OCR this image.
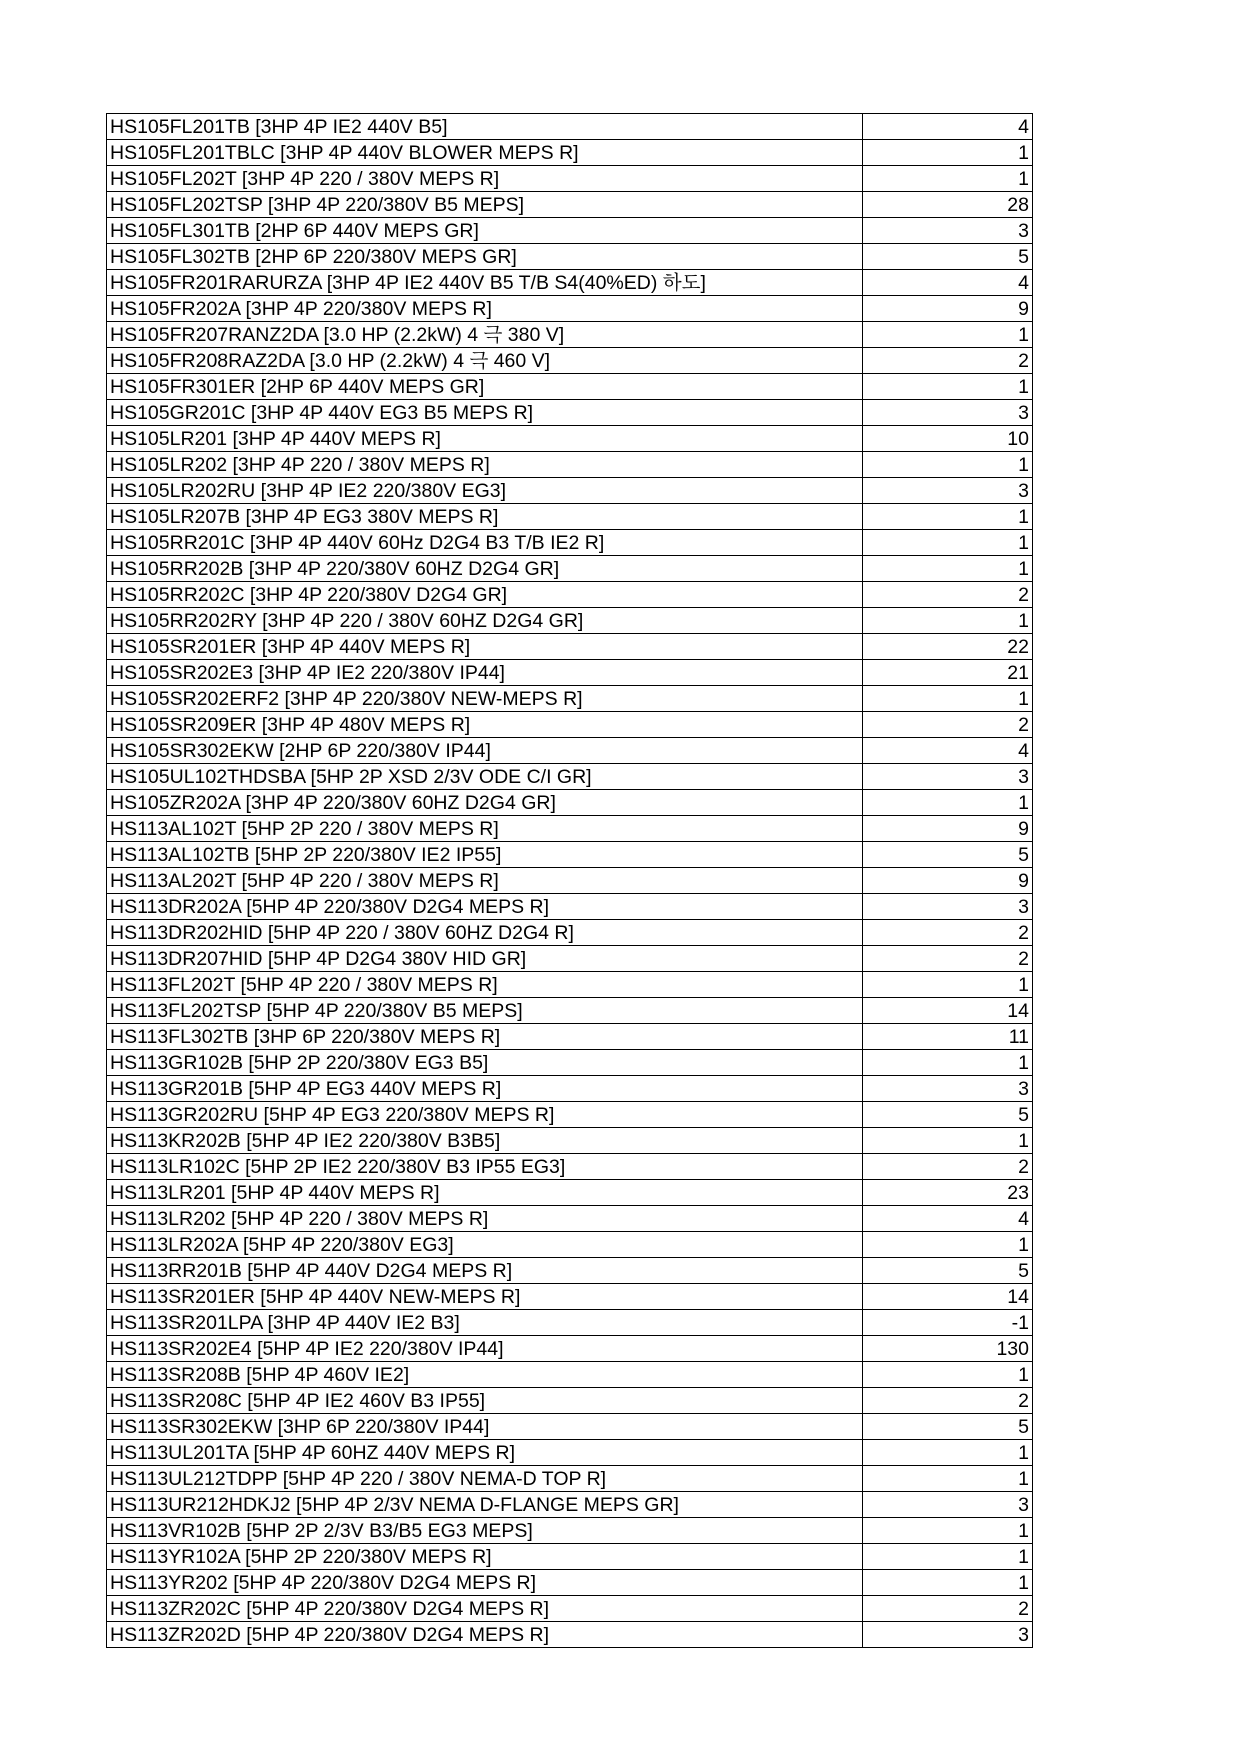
HS105FL201TB [3HP 4P IE2 440V B5]	4
HS105FL201TBLC [3HP 4P 440V BLOWER MEPS R]	1
HS105FL202T [3HP 4P 220 / 380V MEPS R]	1
HS105FL202TSP [3HP 4P 220/380V B5 MEPS]	28
HS105FL301TB [2HP 6P 440V MEPS GR]	3
HS105FL302TB [2HP 6P 220/380V MEPS GR]	5
HS105FR201RARURZA [3HP 4P IE2 440V B5 T/B S4(40%ED) 하도]	4
HS105FR202A [3HP 4P 220/380V MEPS R]	9
HS105FR207RANZ2DA [3.0 HP (2.2kW) 4 극 380 V]	1
HS105FR208RAZ2DA [3.0 HP (2.2kW) 4 극 460 V]	2
HS105FR301ER [2HP 6P 440V MEPS GR]	1
HS105GR201C [3HP 4P 440V EG3 B5 MEPS R]	3
HS105LR201 [3HP 4P 440V MEPS R]	10
HS105LR202 [3HP 4P 220 / 380V MEPS R]	1
HS105LR202RU [3HP 4P IE2 220/380V EG3]	3
HS105LR207B [3HP 4P EG3 380V MEPS R]	1
HS105RR201C [3HP 4P 440V 60Hz D2G4 B3 T/B IE2 R]	1
HS105RR202B [3HP 4P 220/380V 60HZ D2G4 GR]	1
HS105RR202C [3HP 4P 220/380V D2G4 GR]	2
HS105RR202RY [3HP 4P 220 / 380V 60HZ D2G4 GR]	1
HS105SR201ER [3HP 4P 440V MEPS R]	22
HS105SR202E3 [3HP 4P IE2 220/380V IP44]	21
HS105SR202ERF2 [3HP 4P 220/380V NEW-MEPS R]	1
HS105SR209ER [3HP 4P 480V MEPS R]	2
HS105SR302EKW [2HP 6P 220/380V IP44]	4
HS105UL102THDSBA [5HP 2P XSD 2/3V ODE C/I GR]	3
HS105ZR202A [3HP 4P 220/380V 60HZ D2G4 GR]	1
HS113AL102T [5HP 2P 220 / 380V MEPS R]	9
HS113AL102TB [5HP 2P 220/380V IE2 IP55]	5
HS113AL202T [5HP 4P 220 / 380V MEPS R]	9
HS113DR202A [5HP 4P 220/380V D2G4 MEPS R]	3
HS113DR202HID [5HP 4P 220 / 380V 60HZ D2G4 R]	2
HS113DR207HID [5HP 4P D2G4 380V HID GR]	2
HS113FL202T [5HP 4P 220 / 380V MEPS R]	1
HS113FL202TSP [5HP 4P 220/380V B5 MEPS]	14
HS113FL302TB [3HP 6P 220/380V MEPS R]	11
HS113GR102B [5HP 2P 220/380V EG3 B5]	1
HS113GR201B [5HP 4P EG3 440V MEPS R]	3
HS113GR202RU [5HP 4P EG3 220/380V MEPS R]	5
HS113KR202B [5HP 4P IE2 220/380V B3B5]	1
HS113LR102C [5HP 2P IE2 220/380V B3 IP55 EG3]	2
HS113LR201 [5HP 4P 440V MEPS R]	23
HS113LR202 [5HP 4P 220 / 380V MEPS R]	4
HS113LR202A [5HP 4P 220/380V EG3]	1
HS113RR201B [5HP 4P 440V D2G4 MEPS R]	5
HS113SR201ER [5HP 4P 440V NEW-MEPS R]	14
HS113SR201LPA [3HP 4P 440V IE2 B3]	-1
HS113SR202E4 [5HP 4P IE2 220/380V IP44]	130
HS113SR208B [5HP 4P 460V IE2]	1
HS113SR208C [5HP 4P IE2 460V B3 IP55]	2
HS113SR302EKW [3HP 6P 220/380V IP44]	5
HS113UL201TA [5HP 4P 60HZ 440V MEPS R]	1
HS113UL212TDPP [5HP 4P 220 / 380V NEMA-D TOP R]	1
HS113UR212HDKJ2 [5HP 4P 2/3V NEMA D-FLANGE MEPS GR]	3
HS113VR102B [5HP 2P 2/3V B3/B5 EG3 MEPS]	1
HS113YR102A [5HP 2P 220/380V MEPS R]	1
HS113YR202 [5HP 4P 220/380V D2G4 MEPS R]	1
HS113ZR202C [5HP 4P 220/380V D2G4 MEPS R]	2
HS113ZR202D [5HP 4P 220/380V D2G4 MEPS R]	3
